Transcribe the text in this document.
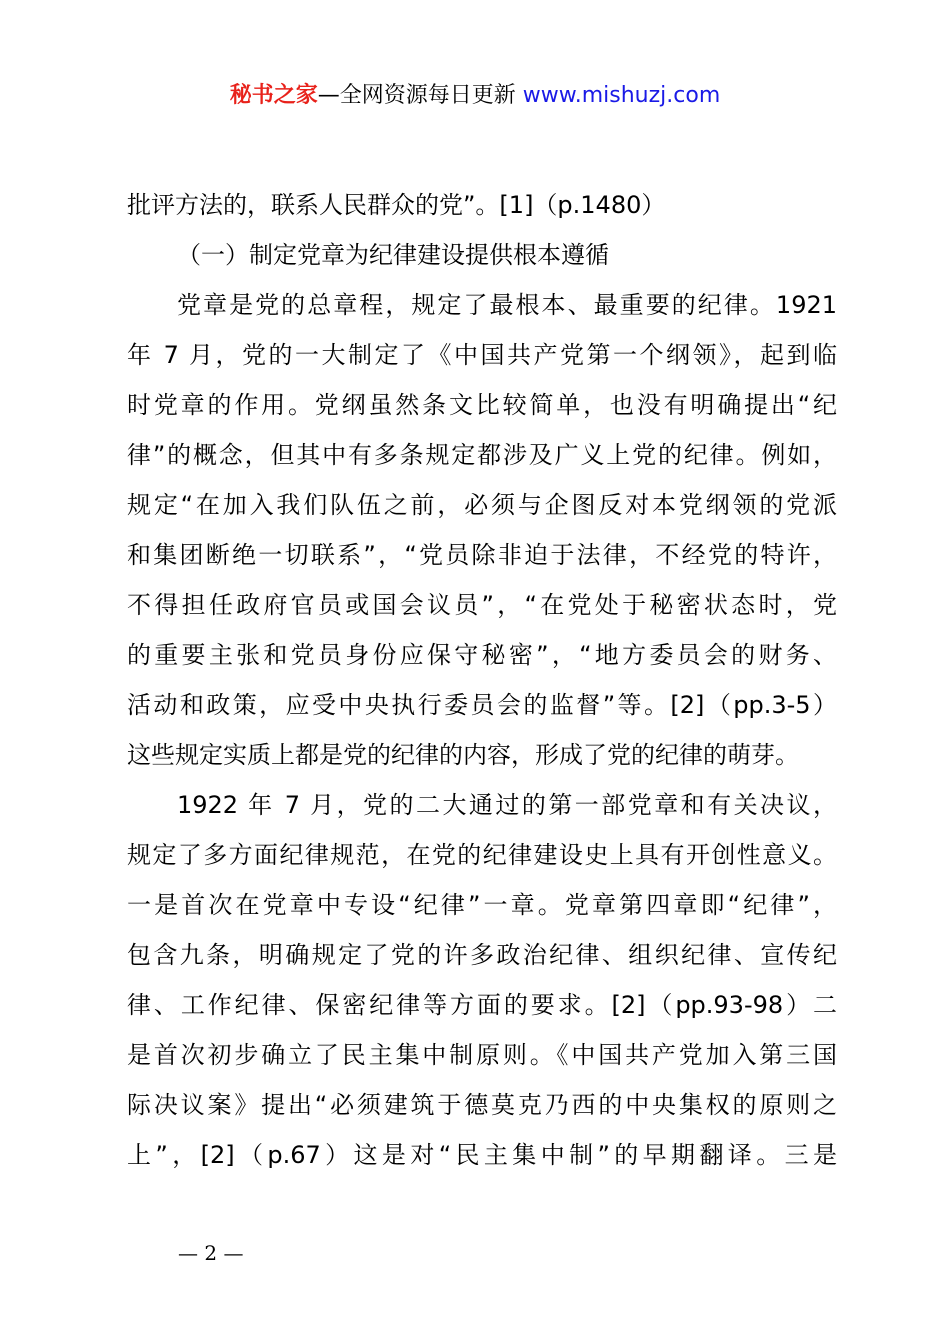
秘书之家—全网资源每日更新 www.mishuzj.com
批评方法的，联系人民群众的党”。[1]（p.1480）
（一）制定党章为纪律建设提供根本遵循
党章是党的总章程，规定了最根本、最重要的纪律。1921
年 7 月，党的一大制定了《中国共产党第一个纲领》，起到临
时党章的作用。党纲虽然条文比较简单，也没有明确提出“纪
律”的概念，但其中有多条规定都涉及广义上党的纪律。例如，
规定“在加入我们队伍之前，必须与企图反对本党纲领的党派
和集团断绝一切联系”，“党员除非迫于法律，不经党的特许，
不得担任政府官员或国会议员”，“在党处于秘密状态时，党
的重要主张和党员身份应保守秘密”，“地方委员会的财务、
活动和政策，应受中央执行委员会的监督”等。[2]（pp.3-5）
这些规定实质上都是党的纪律的内容，形成了党的纪律的萌芽。
1922 年 7 月，党的二大通过的第一部党章和有关决议，
规定了多方面纪律规范，在党的纪律建设史上具有开创性意义。
一是首次在党章中专设“纪律”一章。党章第四章即“纪律”，
包含九条，明确规定了党的许多政治纪律、组织纪律、宣传纪
律、工作纪律、保密纪律等方面的要求。[2]（pp.93-98）二
是首次初步确立了民主集中制原则。《中国共产党加入第三国
际决议案》提出“必须建筑于德莫克乃西的中央集权的原则之
上”，[2]（p.67）这是对“民主集中制”的早期翻译。三是
— 2 —
